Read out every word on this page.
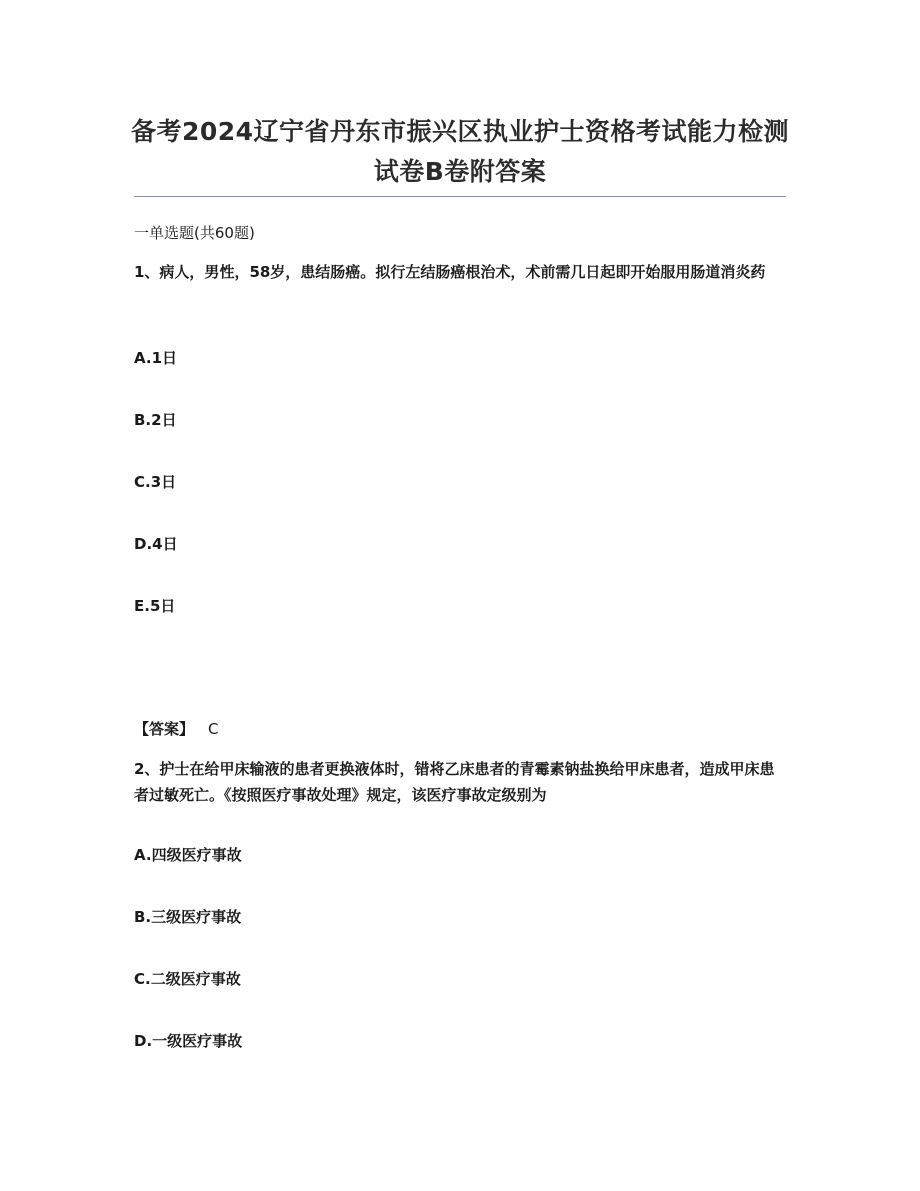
备考2024辽宁省丹东市振兴区执业护士资格考试能力检测
试卷B卷附答案
一单选题(共60题)
1、病人，男性，58岁，患结肠癌。拟行左结肠癌根治术，术前需几日起即开始服用肠道消炎药
A.1日
B.2日
C.3日
D.4日
E.5日
【答案】 C
2、护士在给甲床输液的患者更换液体时，错将乙床患者的青霉素钠盐换给甲床患者，造成甲床患者过敏死亡。《按照医疗事故处理》规定，该医疗事故定级别为
A.四级医疗事故
B.三级医疗事故
C.二级医疗事故
D.一级医疗事故
